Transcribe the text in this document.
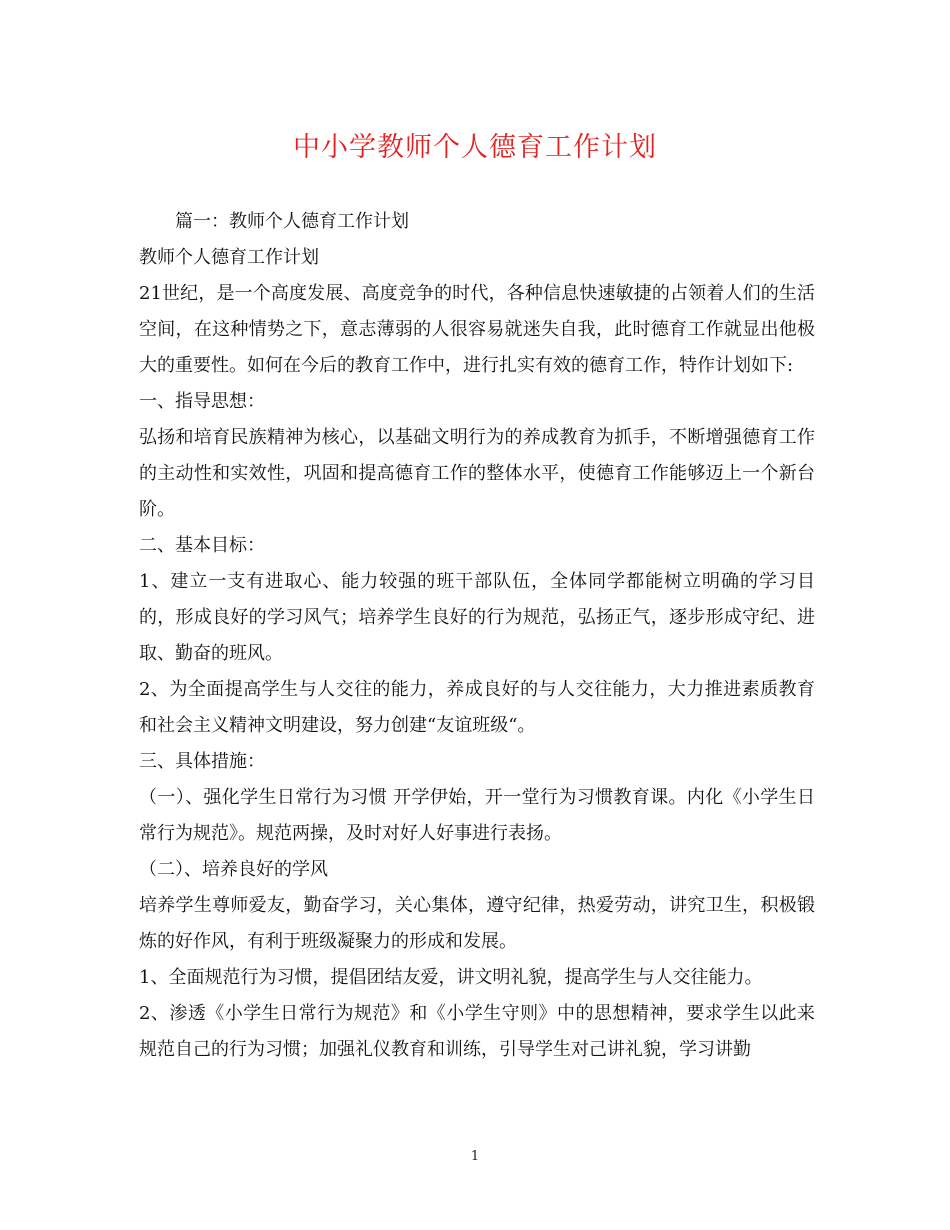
中小学教师个人德育工作计划

篇一：教师个人德育工作计划

教师个人德育工作计划

21世纪，是一个高度发展、高度竞争的时代，各种信息快速敏捷的占领着人们的生活空间，在这种情势之下，意志薄弱的人很容易就迷失自我，此时德育工作就显出他极大的重要性。如何在今后的教育工作中，进行扎实有效的德育工作，特作计划如下:

一、指导思想：

弘扬和培育民族精神为核心，以基础文明行为的养成教育为抓手，不断增强德育工作的主动性和实效性，巩固和提高德育工作的整体水平，使德育工作能够迈上一个新台阶。

二、基本目标：

1、建立一支有进取心、能力较强的班干部队伍，全体同学都能树立明确的学习目的，形成良好的学习风气；培养学生良好的行为规范，弘扬正气，逐步形成守纪、进取、勤奋的班风。

2、为全面提高学生与人交往的能力，养成良好的与人交往能力，大力推进素质教育和社会主义精神文明建设，努力创建“友谊班级“。

三、具体措施：

（一）、强化学生日常行为习惯 开学伊始，开一堂行为习惯教育课。内化《小学生日常行为规范》。规范两操，及时对好人好事进行表扬。

（二）、培养良好的学风

培养学生尊师爱友，勤奋学习，关心集体，遵守纪律，热爱劳动，讲究卫生，积极锻炼的好作风，有利于班级凝聚力的形成和发展。

1、全面规范行为习惯，提倡团结友爱，讲文明礼貌，提高学生与人交往能力。

2、渗透《小学生日常行为规范》和《小学生守则》中的思想精神，要求学生以此来规范自己的行为习惯；加强礼仪教育和训练，引导学生对己讲礼貌，学习讲勤

1
